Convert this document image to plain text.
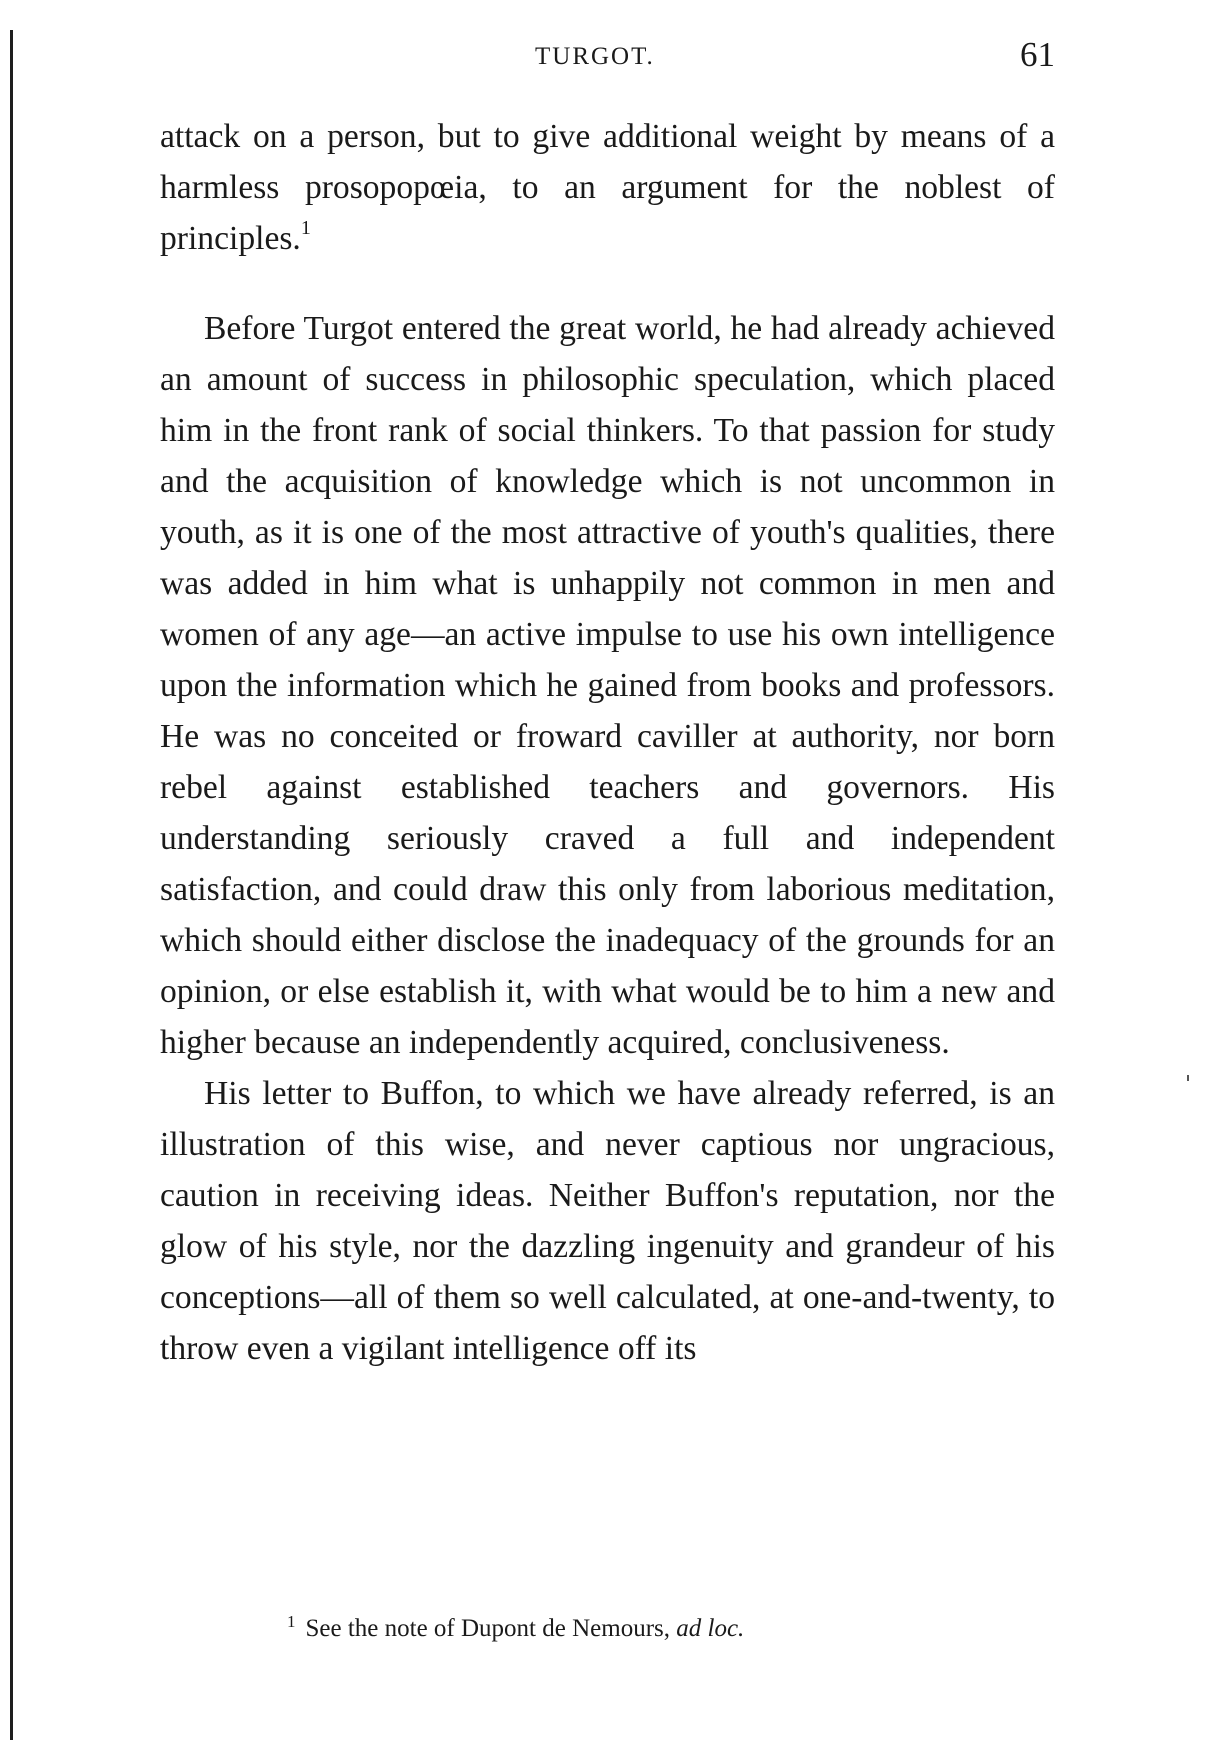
TURGOT.	61

attack on a person, but to give additional weight by means of a harmless prosopopœia, to an argument for the noblest of principles.$^1$

Before Turgot entered the great world, he had already achieved an amount of success in philosophic speculation, which placed him in the front rank of social thinkers. To that passion for study and the acquisition of knowledge which is not uncommon in youth, as it is one of the most attractive of youth's qualities, there was added in him what is unhappily not common in men and women of any age—an active impulse to use his own intelligence upon the information which he gained from books and professors. He was no conceited or froward caviller at authority, nor born rebel against established teachers and governors. His understanding seriously craved a full and independent satisfaction, and could draw this only from laborious meditation, which should either disclose the inadequacy of the grounds for an opinion, or else establish it, with what would be to him a new and higher because an independently acquired, conclusiveness.

His letter to Buffon, to which we have already referred, is an illustration of this wise, and never captious nor ungracious, caution in receiving ideas. Neither Buffon's reputation, nor the glow of his style, nor the dazzling ingenuity and grandeur of his conceptions—all of them so well calculated, at one-and-twenty, to throw even a vigilant intelligence off its

$^1$ See the note of Dupont de Nemours, ad loc.
